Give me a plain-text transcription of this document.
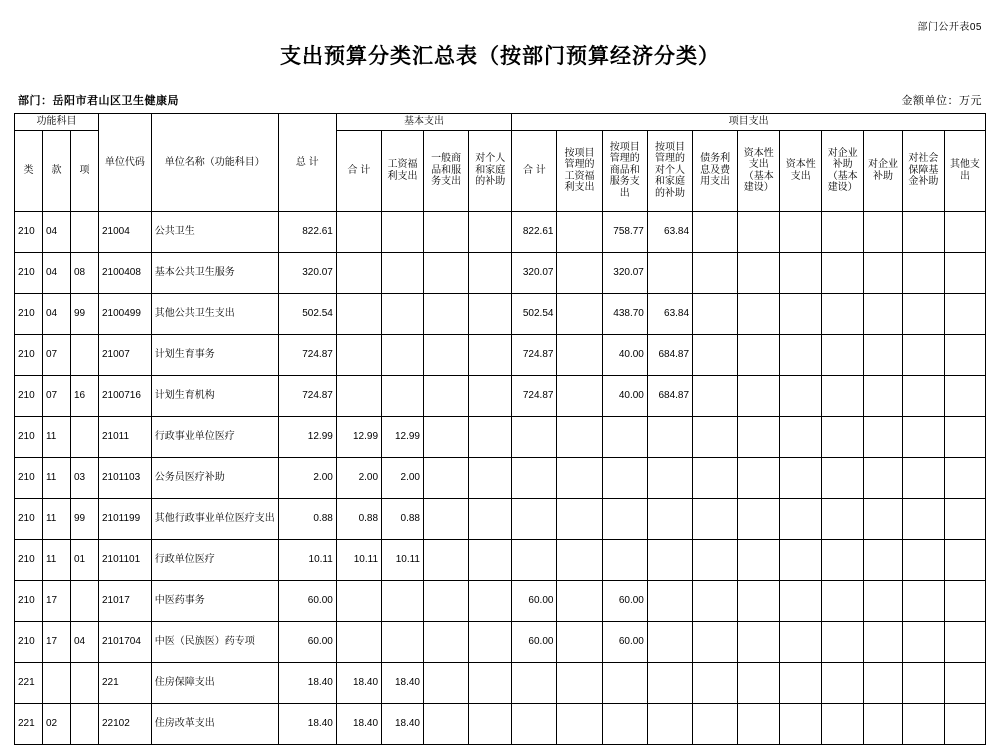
部门公开表05
支出预算分类汇总表（按部门预算经济分类）
部门：岳阳市君山区卫生健康局	金额单位：万元
功能科目			单位代码	单位名称（功能科目）	总 计	基本支出				项目支出										
类	款	项				合 计	工资福利支出	一般商品和服务支出	对个人和家庭的补助	合 计	按项目管理的工资福利支出	按项目管理的商品和服务支出	按项目管理的对个人和家庭的补助	债务利息及费用支出	资本性支出（基本建设）	资本性支出	对企业补助（基本建设）	对企业补助	对社会保障基金补助	其他支出
210	04		21004	公共卫生	822.61					822.61		758.77	63.84							
210	04	08	2100408	基本公共卫生服务	320.07					320.07		320.07								
210	04	99	2100499	其他公共卫生支出	502.54					502.54		438.70	63.84							
210	07		21007	计划生育事务	724.87					724.87		40.00	684.87							
210	07	16	2100716	计划生育机构	724.87					724.87		40.00	684.87							
210	11		21011	行政事业单位医疗	12.99	12.99	12.99													
210	11	03	2101103	公务员医疗补助	2.00	2.00	2.00													
210	11	99	2101199	其他行政事业单位医疗支出	0.88	0.88	0.88													
210	11	01	2101101	行政单位医疗	10.11	10.11	10.11													
210	17		21017	中医药事务	60.00					60.00		60.00								
210	17	04	2101704	中医（民族医）药专项	60.00					60.00		60.00								
221			221	住房保障支出	18.40	18.40	18.40													
221	02		22102	住房改革支出	18.40	18.40	18.40													
